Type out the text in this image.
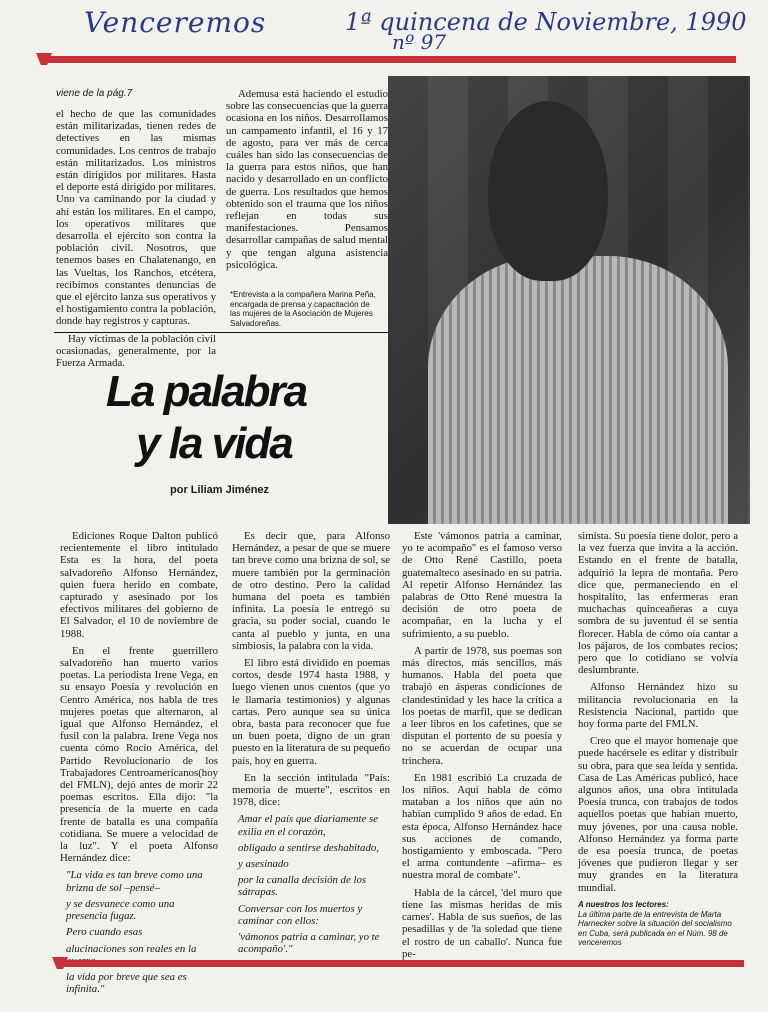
Venceremos	1ª quincena de Noviembre, 1990
nº 97
viene de la pág.7

el hecho de que las comunidades están militarizadas, tienen redes de detectives en las mismas comunidades. Los centros de trabajo están militarizados. Los ministros están dirigidos por militares. Hasta el deporte está dirigido por militares. Uno va caminando por la ciudad y ahí están los militares. En el campo, los operativos militares que desarrolla el ejército son contra la población civil. Nosotros, que tenemos bases en Chalatenango, en las Vueltas, los Ranchos, etcétera, recibimos constantes denuncias de que el ejército lanza sus operativos y el hostigamiento contra la población, donde hay registros y capturas.

Hay víctimas de la población civil ocasionadas, generalmente, por la Fuerza Armada.

Ademusa está haciendo el estudio sobre las consecuencias que la guerra ocasiona en los niños. Desarrollamos un campamento infantil, el 16 y 17 de agosto, para ver más de cerca cuáles han sido las consecuencias de la guerra para estos niños, que han nacido y desarrollado en un conflicto de guerra. Los resultados que hemos obtenido son el trauma que los niños reflejan en todas sus manifestaciones. Pensamos desarrollar campañas de salud mental y que tengan alguna asistencia psicológica.

*Entrevista a la compañera Marina Peña, encargada de prensa y capacitación de las mujeres de la Asociación de Mujeres Salvadoreñas.
La palabra
y la vida
por Liliam Jiménez

Ediciones Roque Dalton publicó recientemente el libro intitulado Esta es la hora, del poeta salvadoreño Alfonso Hernández, quien fuera herido en combate, capturado y asesinado por los efectivos militares del gobierno de El Salvador, el 10 de noviembre de 1988.

En el frente guerrillero salvadoreño han muerto varios poetas. La periodista Irene Vega, en su ensayo Poesía y revolución en Centro América, nos habla de tres mujeres poetas que alternaron, al igual que Alfonso Hernández, el fusil con la palabra. Irene Vega nos cuenta cómo Rocío América, del Partido Revolucionario de los Trabajadores Centroamericanos(hoy del FMLN), dejó antes de morir 22 poemas escritos. Ella dijo: "la presencia de la muerte en cada frente de batalla es una compañía cotidiana. Se muere a velocidad de la luz". Y el poeta Alfonso Hernández dice:

"La vida es tan breve como una brizna de sol –pensé–

y se desvanece como una presencia fugaz.

Pero cuando esas

alucinaciones son reales en la

la vida por breve que sea es infinita."

Es decir que, para Alfonso Hernández, a pesar de que se muere tan breve como una brizna de sol, se muere también por la germinación de otro destino. Pero la calidad humana del poeta es también infinita. La poesía le entregó su gracia, su poder social, cuando le canta al pueblo y junta, en una simbiosis, la palabra con la vida.

El libro está dividido en poemas cortos, desde 1974 hasta 1988, y luego vienen unos cuentos (que yo le llamaría testimonios) y algunas cartas. Pero aunque sea su única obra, basta para reconocer que fue un buen poeta, digno de un gran puesto en la literatura de su pequeño país, hoy en guerra.

En la sección intitulada "País: memoria de muerte", escritos en 1978, dice:

Amar el país que diariamente se exilia en el corazón,

obligado a sentirse deshabitado,

y asesinado

por la canalla decisión de los sátrapas.

Conversar con los muertos y caminar con ellos:

'vámonos patria a caminar, yo te acompaño'."

Este 'vámonos patria a caminar, yo te acompaño'' es el famoso verso de Otto René Castillo, poeta guatemalteco asesinado en su patria. Al repetir Alfonso Hernández las palabras de Otto René muestra la decisión de otro poeta de acompañar, en la lucha y el sufrimiento, a su pueblo.

A partir de 1978, sus poemas son más directos, más sencillos, más humanos. Habla del poeta que trabajó en ásperas condiciones de clandestinidad y les hace la crítica a los poetas de marfil, que se dedican a leer libros en los cafetines, que se disputan el portento de su poesía y no se acuerdan de ocupar una trinchera.

En 1981 escribió La cruzada de los niños. Aquí habla de cómo mataban a los niños que aún no habían cumplido 9 años de edad. En esta época, Alfonso Hernández hace sus acciones de comando, hostigamiento y emboscada. "Pero el arma contundente –afirma– es nuestra moral de combate".

Habla de la cárcel, 'del muro que tiene las mismas heridas de mis carnes'. Habla de sus sueños, de las pesadillas y de 'la soledad que tiene el rostro de un caballo'. Nunca fue pe-

simista. Su poesía tiene dolor, pero a la vez fuerza que invita a la acción. Estando en el frente de batalla, adquirió la lepra de montaña. Pero dice que, permaneciendo en el hospitalito, las enfermeras eran muchachas quinceañeras a cuya sombra de su juventud él se sentía florecer. Habla de cómo oía cantar a los pájaros, de los combates recios; pero que lo cotidiano se volvía deslumbrante.

Alfonso Hernández hizo su militancia revolucionaria en la Resistencia Nacional, partido que hoy forma parte del FMLN.

Creo que el mayor homenaje que puede hacérsele es editar y distribuir su obra, para que sea leída y sentida. Casa de Las Américas publicó, hace algunos años, una obra intitulada Poesía trunca, con trabajos de todos aquellos poetas que habían muerto, muy jóvenes, por una causa noble. Alfonso Hernández ya forma parte de esa poesía trunca, de poetas jóvenes que pudieron llegar y ser muy grandes en la literatura mundial.

A nuestros los lectores:
La última parte de la entrevista de Marta Harnecker sobre la situación del socialismo en Cuba, será publicada en el Núm. 98 de venceremos
